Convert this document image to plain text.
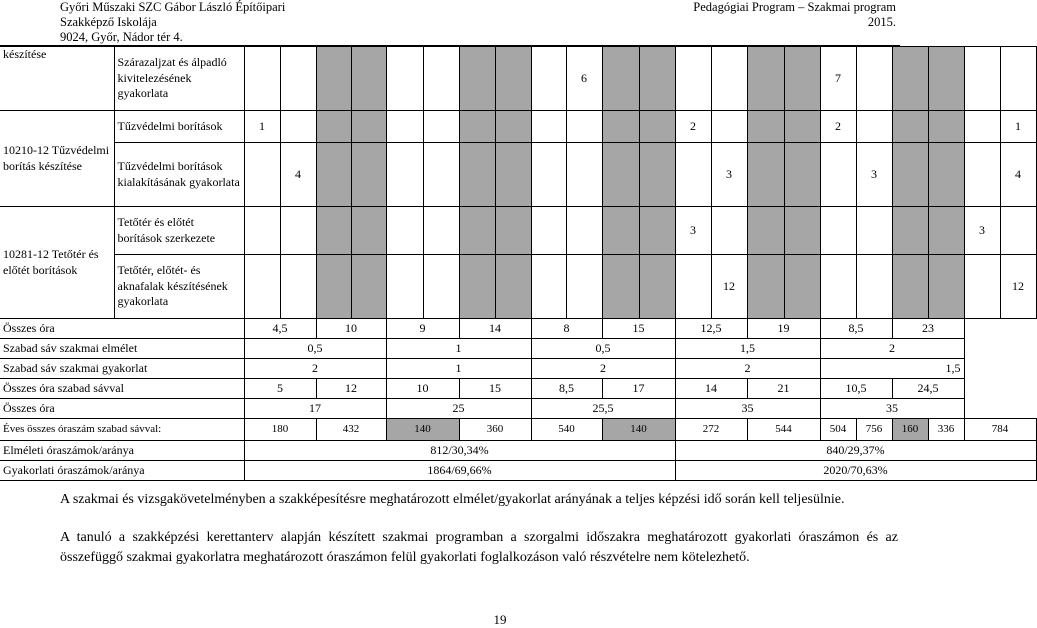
Győri Műszaki SZC Gábor László Építőipari
Szakképző Iskolája
9024, Győr, Nádor tér 4.
Pedagógiai Program – Szakmai program
2015.
készítése	Szárazaljzat és álpadló kivitelezésének gyakorlata										6							7					
10210-12 Tűzvédelmi borítás készítése	Tűzvédelmi borítások	1												2				2					1
	Tűzvédelmi borítások kialakításának gyakorlata		4												3				3				4
10281-12 Tetőtér és előtét borítások	Tetőtér és előtét borítások szerkezete													3								3	
	Tetőtér, előtét- és aknafalak készítésének gyakorlata														12								12
Összes óra		4,5		10		9		14		8		15		12,5		19		8,5		23			
Szabad sáv szakmai elmélet		0,5				1				0,5				1,5				2					
Szabad sáv szakmai gyakorlat		2				1				2				2				1,5					
Összes óra szabad sávval		5		12		10		15		8,5		17		14		21		10,5		24,5			
Összes óra		17				25				25,5				35				35					
Éves összes óraszám szabad sávval:		180		432		140		360		540		140		272		544		504	756	160	336	784	
Elméleti óraszámok/aránya		812/30,34%												840/29,37%									
Gyakorlati óraszámok/aránya		1864/69,66%												2020/70,63%									
A szakmai és vizsgakövetelményben a szakképesítésre meghatározott elmélet/gyakorlat arányának a teljes képzési idő során kell teljesülnie.
A tanuló a szakképzési kerettanterv alapján készített szakmai programban a szorgalmi időszakra meghatározott gyakorlati óraszámon és az összefüggő szakmai gyakorlatra meghatározott óraszámon felül gyakorlati foglalkozáson való részvételre nem kötelezhető.
19
